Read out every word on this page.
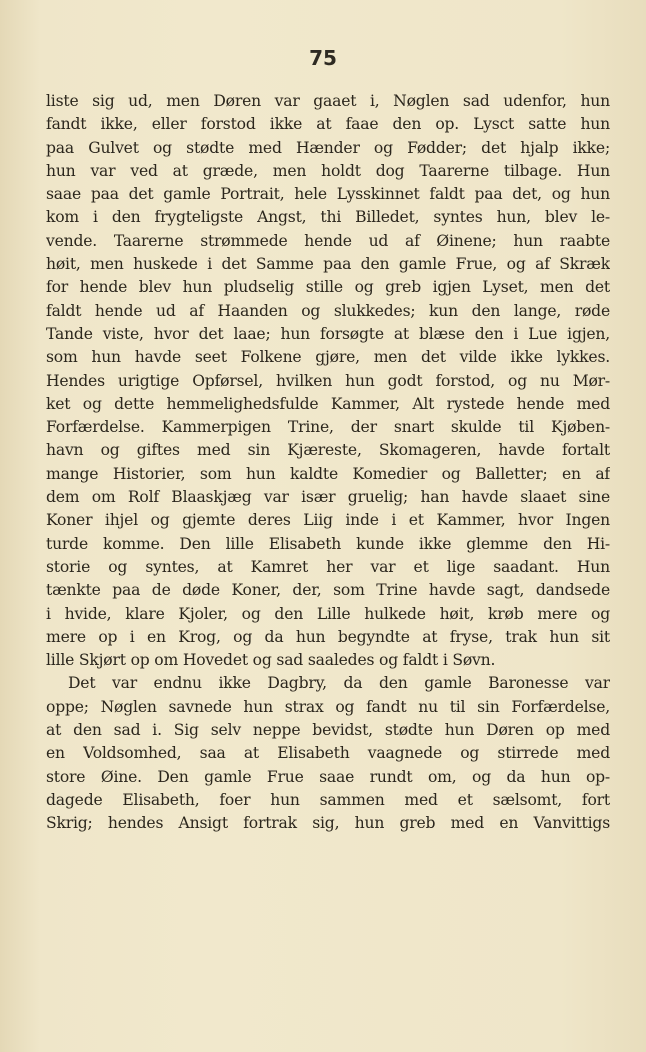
75
liste sig ud, men Døren var gaaet i, Nøglen sad udenfor, hun
fandt ikke, eller forstod ikke at faae den op. Lysct satte hun
paa Gulvet og stødte med Hænder og Fødder; det hjalp ikke;
hun var ved at græde, men holdt dog Taarerne tilbage. Hun
saae paa det gamle Portrait, hele Lysskinnet faldt paa det, og hun
kom i den frygteligste Angst, thi Billedet, syntes hun, blev le-
vende. Taarerne strømmede hende ud af Øinene; hun raabte
høit, men huskede i det Samme paa den gamle Frue, og af Skræk
for hende blev hun pludselig stille og greb igjen Lyset, men det
faldt hende ud af Haanden og slukkedes; kun den lange, røde
Tande viste, hvor det laae; hun forsøgte at blæse den i Lue igjen,
som hun havde seet Folkene gjøre, men det vilde ikke lykkes.
Hendes urigtige Opførsel, hvilken hun godt forstod, og nu Mør-
ket og dette hemmelighedsfulde Kammer, Alt rystede hende med
Forfærdelse. Kammerpigen Trine, der snart skulde til Kjøben-
havn og giftes med sin Kjæreste, Skomageren, havde fortalt
mange Historier, som hun kaldte Komedier og Balletter; en af
dem om Rolf Blaaskjæg var især gruelig; han havde slaaet sine
Koner ihjel og gjemte deres Liig inde i et Kammer, hvor Ingen
turde komme. Den lille Elisabeth kunde ikke glemme den Hi-
storie og syntes, at Kamret her var et lige saadant. Hun
tænkte paa de døde Koner, der, som Trine havde sagt, dandsede
i hvide, klare Kjoler, og den Lille hulkede høit, krøb mere og
mere op i en Krog, og da hun begyndte at fryse, trak hun sit
lille Skjørt op om Hovedet og sad saaledes og faldt i Søvn.
Det var endnu ikke Dagbry, da den gamle Baronesse var
oppe; Nøglen savnede hun strax og fandt nu til sin Forfærdelse,
at den sad i. Sig selv neppe bevidst, stødte hun Døren op med
en Voldsomhed, saa at Elisabeth vaagnede og stirrede med
store Øine. Den gamle Frue saae rundt om, og da hun op-
dagede Elisabeth, foer hun sammen med et sælsomt, fort
Skrig; hendes Ansigt fortrak sig, hun greb med en Vanvittigs
